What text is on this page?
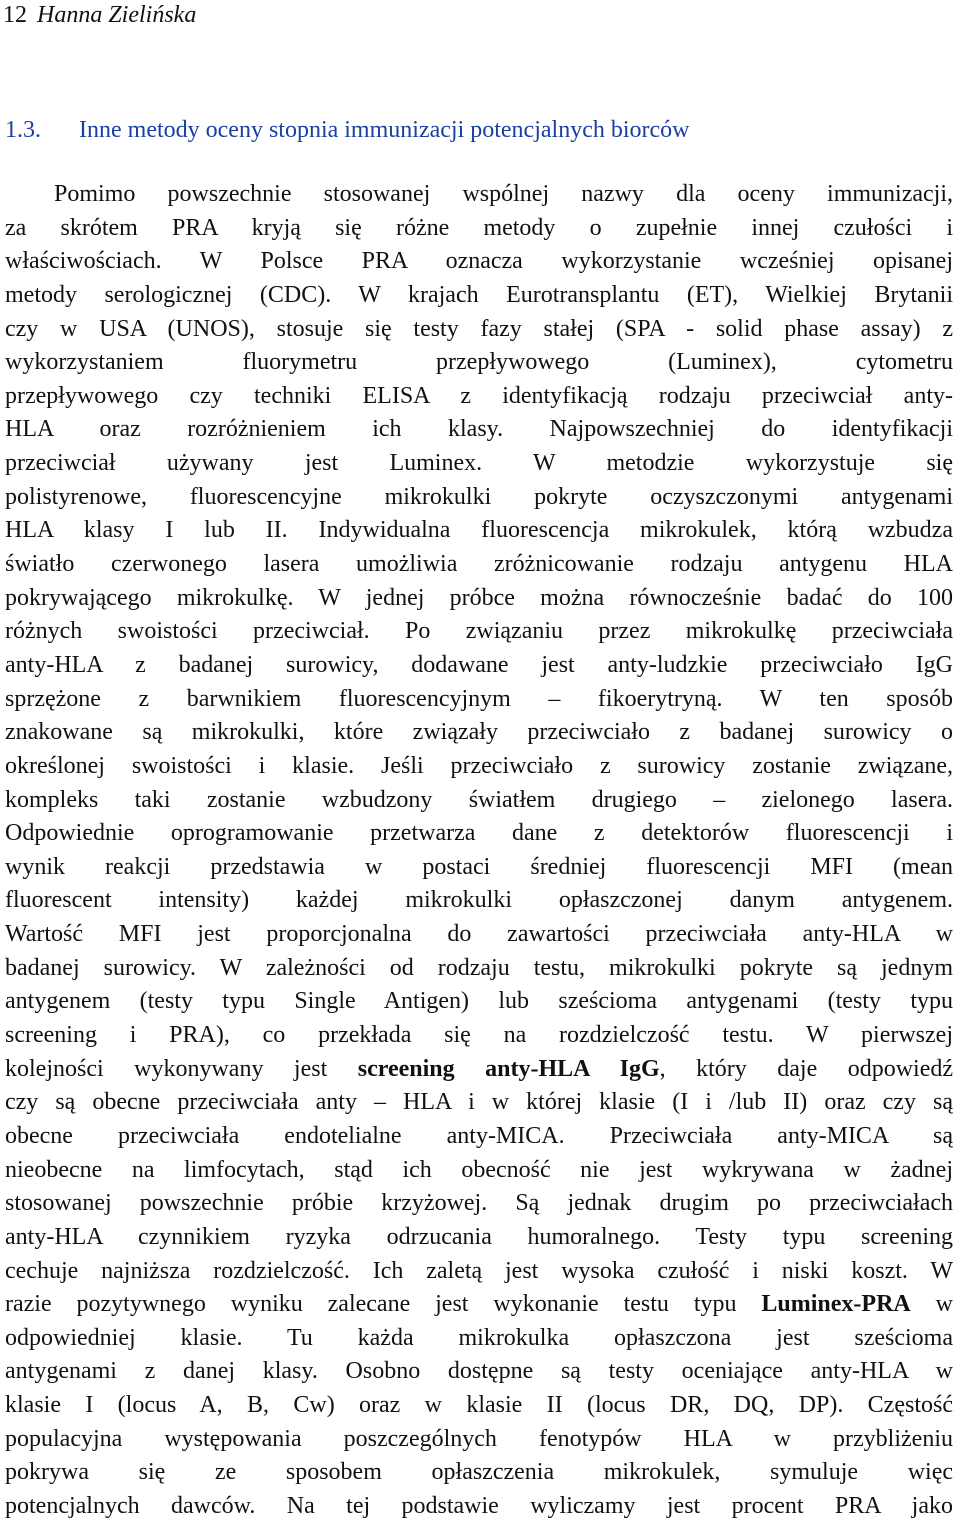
12 Hanna Zielińska
1.3. Inne metody oceny stopnia immunizacji potencjalnych biorców
Pomimo powszechnie stosowanej wspólnej nazwy dla oceny immunizacji,
za skrótem PRA kryją się różne metody o zupełnie innej czułości i
właściwościach. W Polsce PRA oznacza wykorzystanie wcześniej opisanej
metody serologicznej (CDC). W krajach Eurotransplantu (ET), Wielkiej Brytanii
czy w USA (UNOS), stosuje się testy fazy stałej (SPA - solid phase assay) z
wykorzystaniem fluorymetru przepływowego (Luminex), cytometru
przepływowego czy techniki ELISA z identyfikacją rodzaju przeciwciał anty-
HLA oraz rozróżnieniem ich klasy. Najpowszechniej do identyfikacji
przeciwciał używany jest Luminex. W metodzie wykorzystuje się
polistyrenowe, fluorescencyjne mikrokulki pokryte oczyszczonymi antygenami
HLA klasy I lub II. Indywidualna fluorescencja mikrokulek, którą wzbudza
światło czerwonego lasera umożliwia zróżnicowanie rodzaju antygenu HLA
pokrywającego mikrokulkę. W jednej próbce można równocześnie badać do 100
różnych swoistości przeciwciał. Po związaniu przez mikrokulkę przeciwciała
anty-HLA z badanej surowicy, dodawane jest anty-ludzkie przeciwciało IgG
sprzężone z barwnikiem fluorescencyjnym – fikoerytryną. W ten sposób
znakowane są mikrokulki, które związały przeciwciało z badanej surowicy o
określonej swoistości i klasie. Jeśli przeciwciało z surowicy zostanie związane,
kompleks taki zostanie wzbudzony światłem drugiego – zielonego lasera.
Odpowiednie oprogramowanie przetwarza dane z detektorów fluorescencji i
wynik reakcji przedstawia w postaci średniej fluorescencji MFI (mean
fluorescent intensity) każdej mikrokulki opłaszczonej danym antygenem.
Wartość MFI jest proporcjonalna do zawartości przeciwciała anty-HLA w
badanej surowicy. W zależności od rodzaju testu, mikrokulki pokryte są jednym
antygenem (testy typu Single Antigen) lub sześcioma antygenami (testy typu
screening i PRA), co przekłada się na rozdzielczość testu. W pierwszej
kolejności wykonywany jest screening anty-HLA IgG, który daje odpowiedź
czy są obecne przeciwciała anty – HLA i w której klasie (I i /lub II) oraz czy są
obecne przeciwciała endotelialne anty-MICA. Przeciwciała anty-MICA są
nieobecne na limfocytach, stąd ich obecność nie jest wykrywana w żadnej
stosowanej powszechnie próbie krzyżowej. Są jednak drugim po przeciwciałach
anty-HLA czynnikiem ryzyka odrzucania humoralnego. Testy typu screening
cechuje najniższa rozdzielczość. Ich zaletą jest wysoka czułość i niski koszt. W
razie pozytywnego wyniku zalecane jest wykonanie testu typu Luminex-PRA w
odpowiedniej klasie. Tu każda mikrokulka opłaszczona jest sześcioma
antygenami z danej klasy. Osobno dostępne są testy oceniające anty-HLA w
klasie I (locus A, B, Cw) oraz w klasie II (locus DR, DQ, DP). Częstość
populacyjna występowania poszczególnych fenotypów HLA w przybliżeniu
pokrywa się ze sposobem opłaszczenia mikrokulek, symuluje więc
potencjalnych dawców. Na tej podstawie wyliczamy jest procent PRA jako
